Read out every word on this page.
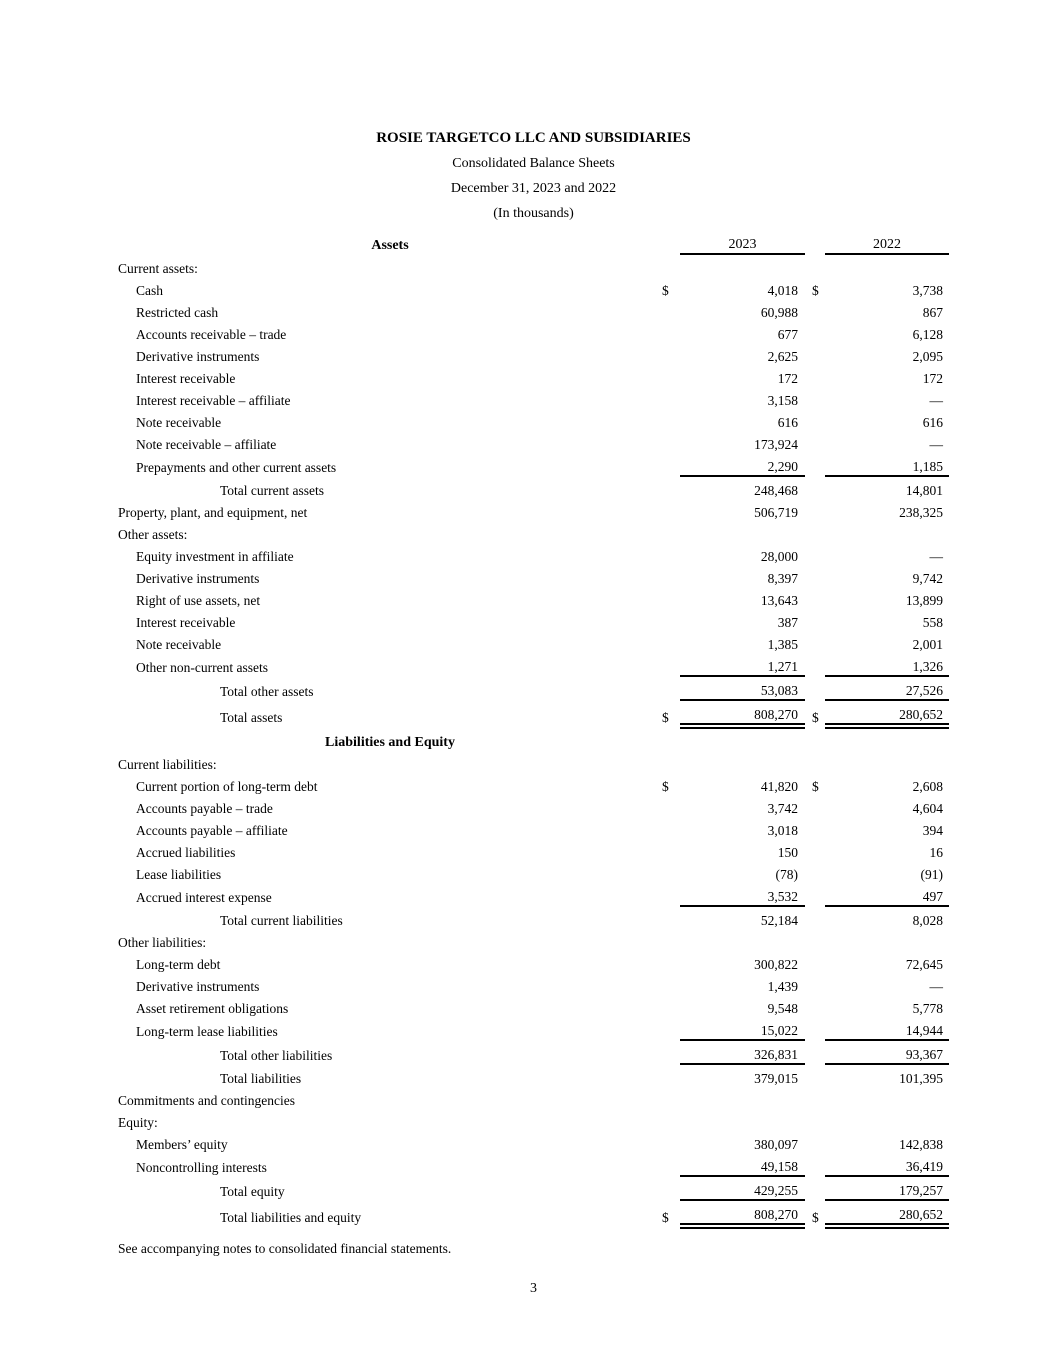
ROSIE TARGETCO LLC AND SUBSIDIARIES
Consolidated Balance Sheets
December 31, 2023 and 2022
(In thousands)
Assets		2023			2022
Current assets:					
Cash	$	4,018		$	3,738
Restricted cash		60,988			867
Accounts receivable – trade		677			6,128
Derivative instruments		2,625			2,095
Interest receivable		172			172
Interest receivable – affiliate		3,158			—
Note receivable		616			616
Note receivable – affiliate		173,924			—
Prepayments and other current assets		2,290			1,185
Total current assets		248,468			14,801
Property, plant, and equipment, net		506,719			238,325
Other assets:					
Equity investment in affiliate		28,000			—
Derivative instruments		8,397			9,742
Right of use assets, net		13,643			13,899
Interest receivable		387			558
Note receivable		1,385			2,001
Other non-current assets		1,271			1,326
Total other assets		53,083			27,526
Total assets	$	808,270		$	280,652
Liabilities and Equity					
Current liabilities:					
Current portion of long-term debt	$	41,820		$	2,608
Accounts payable – trade		3,742			4,604
Accounts payable – affiliate		3,018			394
Accrued liabilities		150			16
Lease liabilities		(78)			(91)
Accrued interest expense		3,532			497
Total current liabilities		52,184			8,028
Other liabilities:					
Long-term debt		300,822			72,645
Derivative instruments		1,439			—
Asset retirement obligations		9,548			5,778
Long-term lease liabilities		15,022			14,944
Total other liabilities		326,831			93,367
Total liabilities		379,015			101,395
Commitments and contingencies					
Equity:					
Members’ equity		380,097			142,838
Noncontrolling interests		49,158			36,419
Total equity		429,255			179,257
Total liabilities and equity	$	808,270		$	280,652
See accompanying notes to consolidated financial statements.
3
